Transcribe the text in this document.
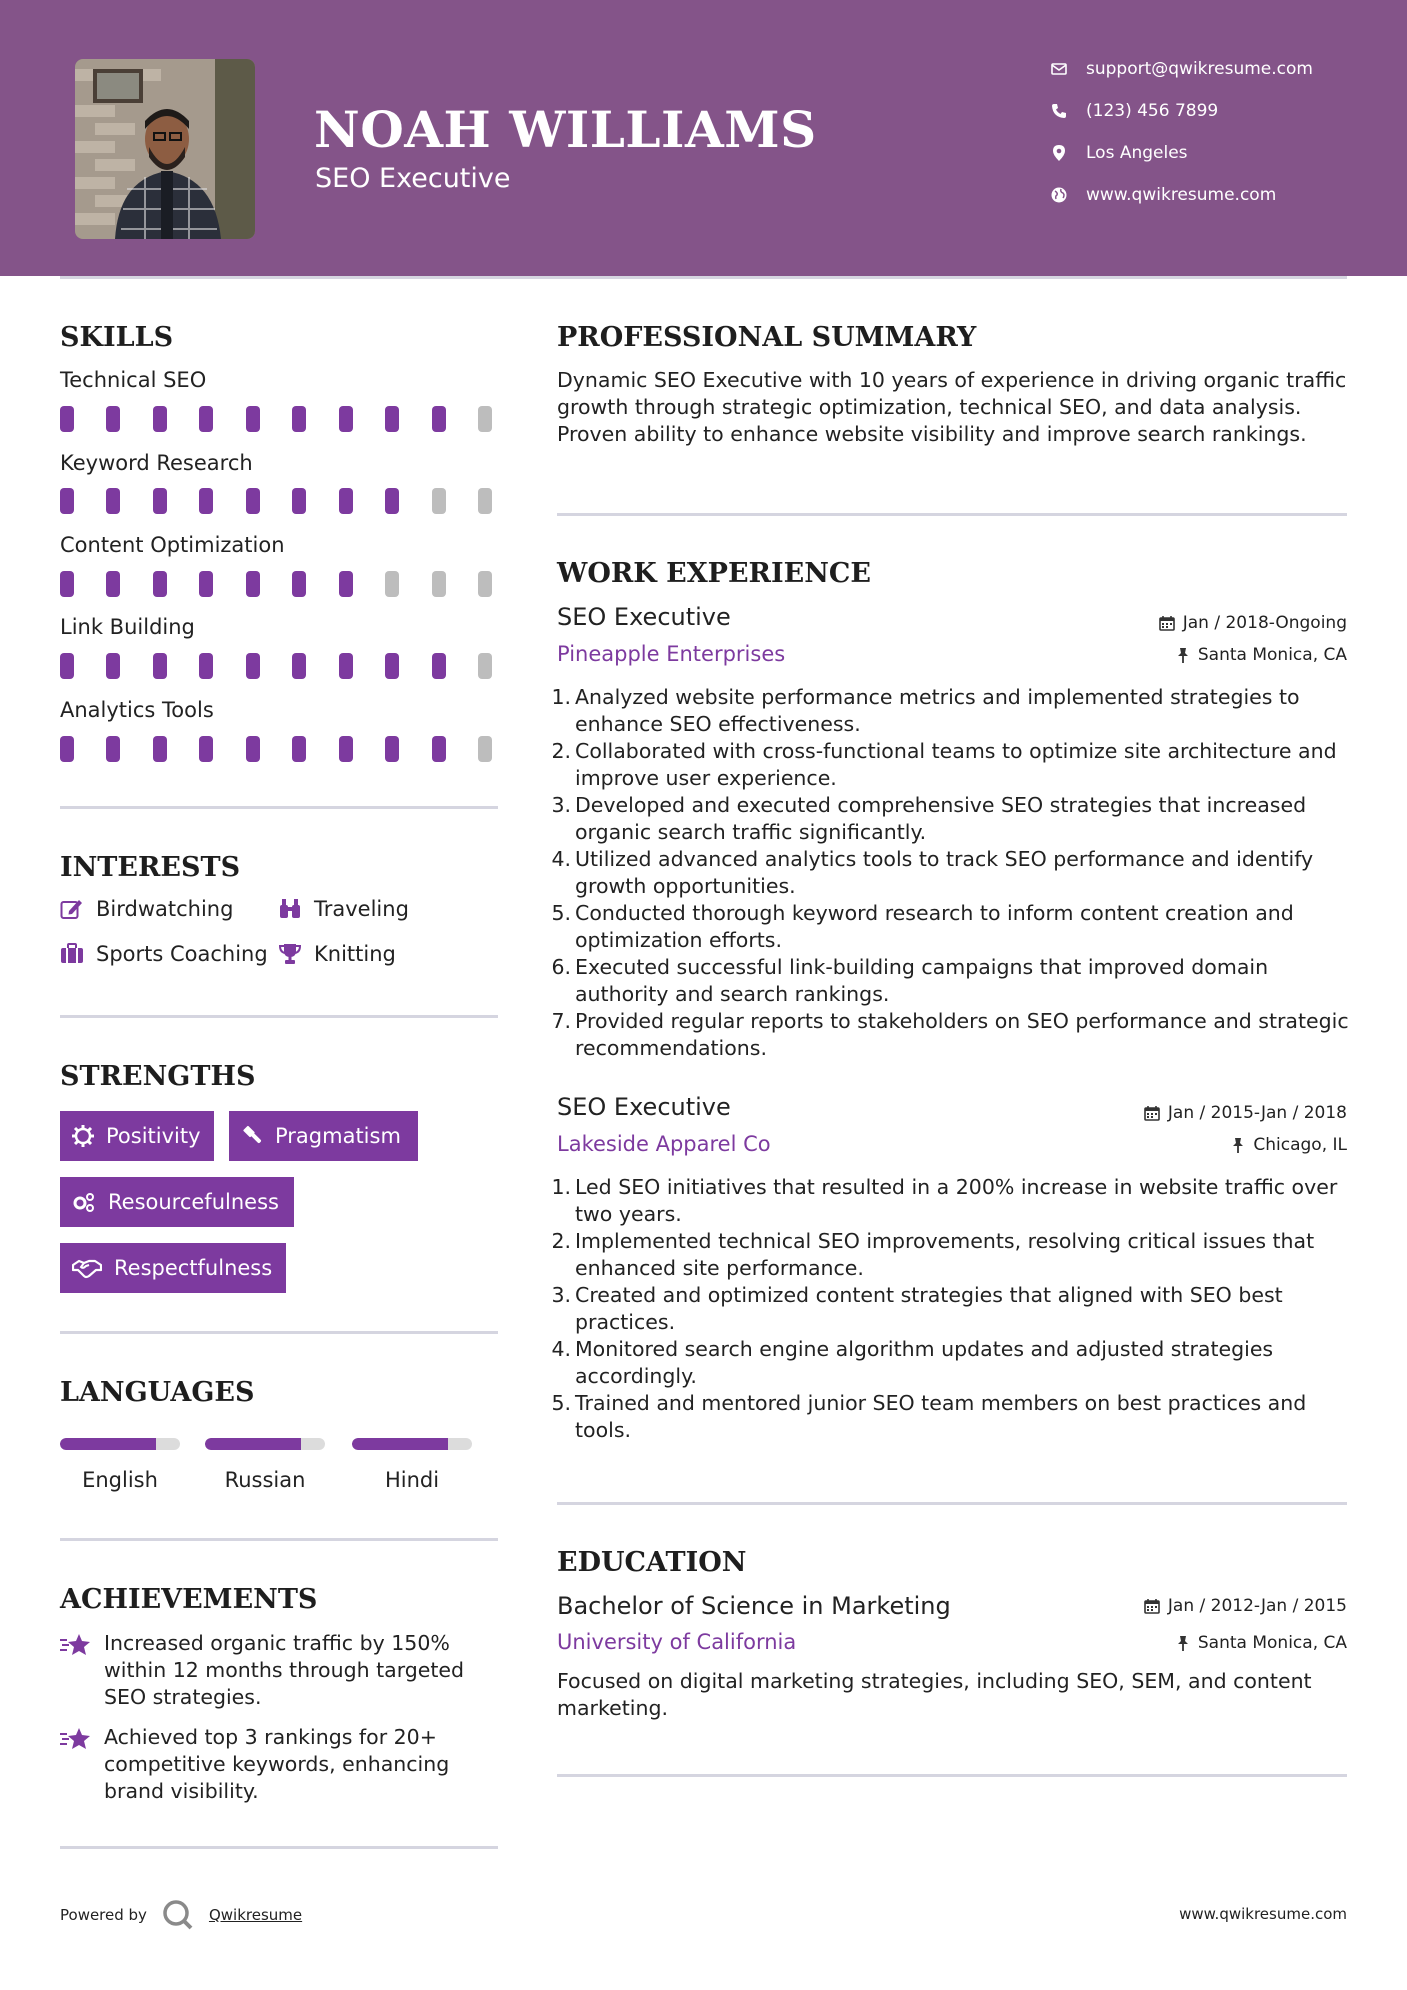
NOAH WILLIAMS
SEO Executive
support@qwikresume.com
(123) 456 7899
Los Angeles
www.qwikresume.com
SKILLS
Technical SEO
Keyword Research
Content Optimization
Link Building
Analytics Tools
INTERESTS
Birdwatching	Traveling
Sports Coaching Knitting
STRENGTHS
Positivity	Pragmatism
Resourcefulness
Respectfulness
LANGUAGES
English	Russian	Hindi
ACHIEVEMENTS
Increased organic traffic by 150% within 12 months through targeted SEO strategies.
Achieved top 3 rankings for 20+ competitive keywords, enhancing brand visibility.
PROFESSIONAL SUMMARY
Dynamic SEO Executive with 10 years of experience in driving organic traffic growth through strategic optimization, technical SEO, and data analysis. Proven ability to enhance website visibility and improve search rankings.
WORK EXPERIENCE
SEO Executive	Jan / 2018-Ongoing
Pineapple Enterprises	Santa Monica, CA
1. Analyzed website performance metrics and implemented strategies to enhance SEO effectiveness.
2. Collaborated with cross-functional teams to optimize site architecture and improve user experience.
3. Developed and executed comprehensive SEO strategies that increased organic search traffic significantly.
4. Utilized advanced analytics tools to track SEO performance and identify growth opportunities.
5. Conducted thorough keyword research to inform content creation and optimization efforts.
6. Executed successful link-building campaigns that improved domain authority and search rankings.
7. Provided regular reports to stakeholders on SEO performance and strategic recommendations.
SEO Executive	Jan / 2015-Jan / 2018
Lakeside Apparel Co	Chicago, IL
1. Led SEO initiatives that resulted in a 200% increase in website traffic over two years.
2. Implemented technical SEO improvements, resolving critical issues that enhanced site performance.
3. Created and optimized content strategies that aligned with SEO best practices.
4. Monitored search engine algorithm updates and adjusted strategies accordingly.
5. Trained and mentored junior SEO team members on best practices and tools.
EDUCATION
Bachelor of Science in Marketing	Jan / 2012-Jan / 2015
University of California	Santa Monica, CA
Focused on digital marketing strategies, including SEO, SEM, and content marketing.
Powered by	Qwikresume	www.qwikresume.com
